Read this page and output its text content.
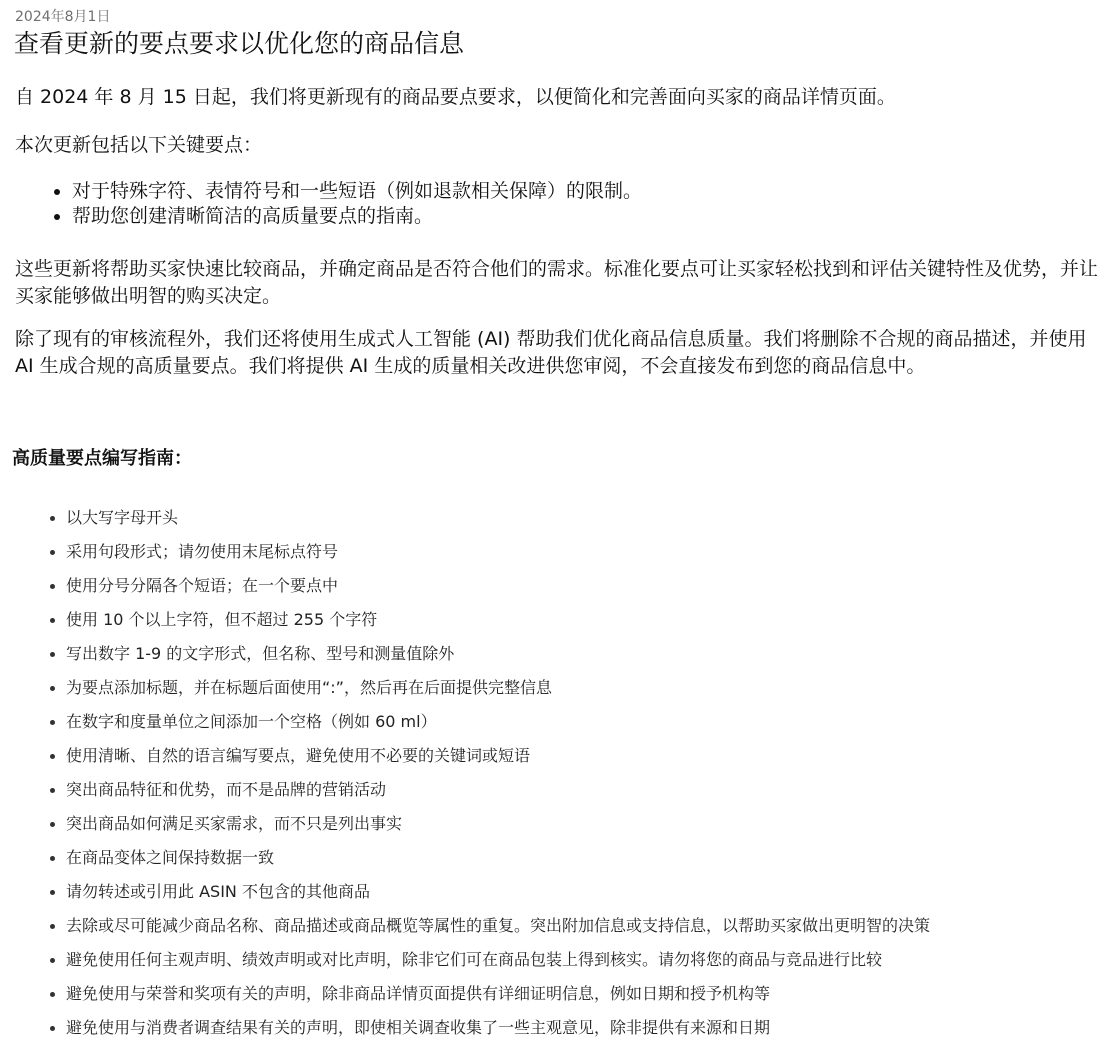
2024年8月1日
查看更新的要点要求以优化您的商品信息

自 2024 年 8 月 15 日起，我们将更新现有的商品要点要求，以便简化和完善面向买家的商品详情页面。

本次更新包括以下关键要点：

对于特殊字符、表情符号和一些短语（例如退款相关保障）的限制。
帮助您创建清晰简洁的高质量要点的指南。

这些更新将帮助买家快速比较商品，并确定商品是否符合他们的需求。标准化要点可让买家轻松找到和评估关键特性及优势，并让买家能够做出明智的购买决定。

除了现有的审核流程外，我们还将使用生成式人工智能 (AI) 帮助我们优化商品信息质量。我们将删除不合规的商品描述，并使用 AI 生成合规的高质量要点。我们将提供 AI 生成的质量相关改进供您审阅，不会直接发布到您的商品信息中。

高质量要点编写指南：
以大写字母开头
采用句段形式；请勿使用末尾标点符号
使用分号分隔各个短语；在一个要点中
使用 10 个以上字符，但不超过 255 个字符
写出数字 1-9 的文字形式，但名称、型号和测量值除外
为要点添加标题，并在标题后面使用“:”，然后再在后面提供完整信息
在数字和度量单位之间添加一个空格（例如 60 ml）
使用清晰、自然的语言编写要点，避免使用不必要的关键词或短语
突出商品特征和优势，而不是品牌的营销活动
突出商品如何满足买家需求，而不只是列出事实
在商品变体之间保持数据一致
请勿转述或引用此 ASIN 不包含的其他商品
去除或尽可能减少商品名称、商品描述或商品概览等属性的重复。突出附加信息或支持信息，以帮助买家做出更明智的决策
避免使用任何主观声明、绩效声明或对比声明，除非它们可在商品包装上得到核实。请勿将您的商品与竞品进行比较
避免使用与荣誉和奖项有关的声明，除非商品详情页面提供有详细证明信息，例如日期和授予机构等
避免使用与消费者调查结果有关的声明，即使相关调查收集了一些主观意见，除非提供有来源和日期
